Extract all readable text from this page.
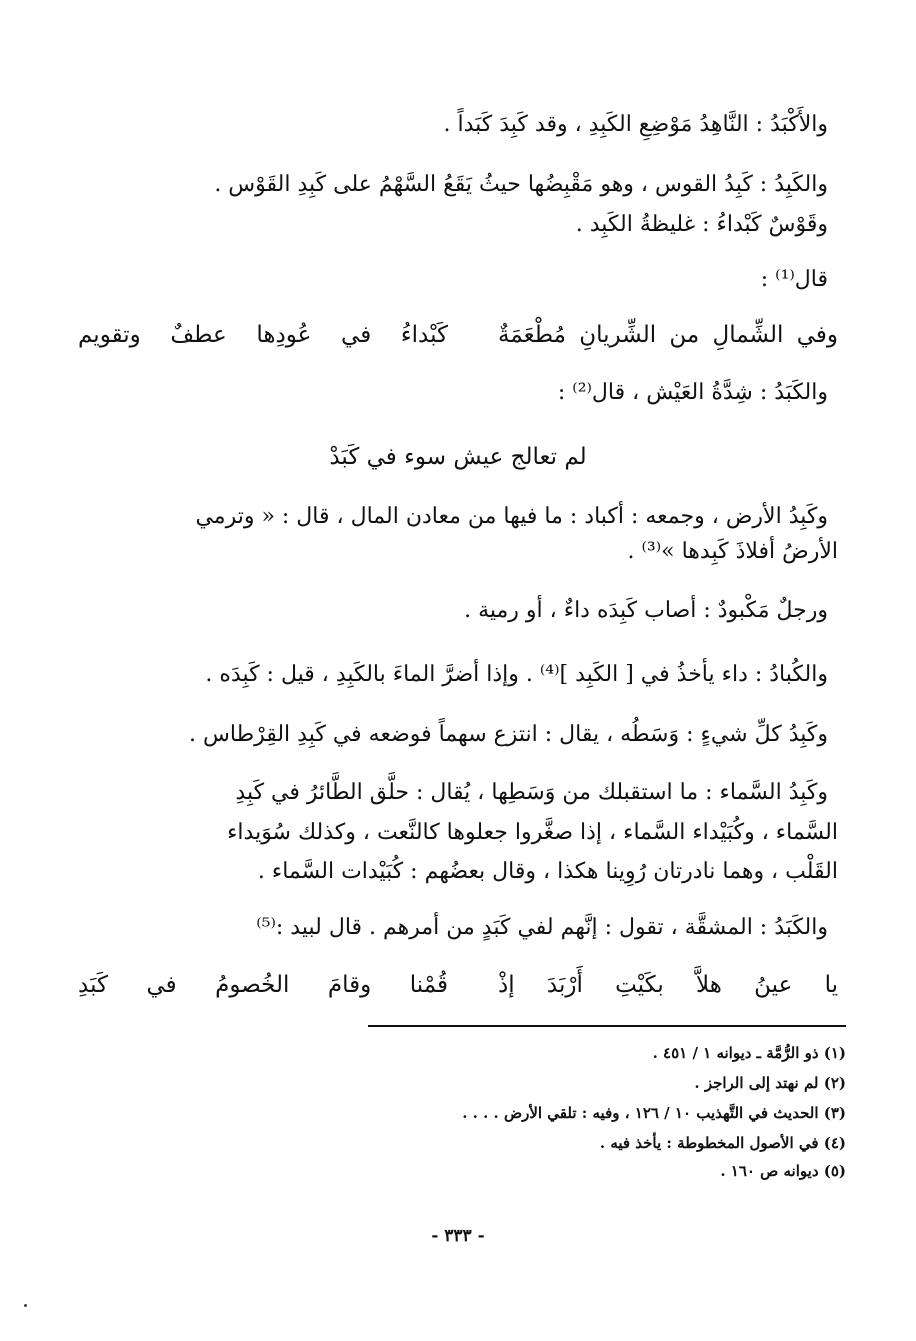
والأَكْبَدُ : النَّاهِدُ مَوْضِعِ الكَبِدِ ، وقد كَبِدَ كَبَداً .
والكَبِدُ : كَبِدُ القوس ، وهو مَقْبِضُها حيثُ يَقَعُ السَّهْمُ على كَبِدِ القَوْس .
وقَوْسٌ كَبْداءُ : غليظةُ الكَبِد .
قال⁽¹⁾ :
وفي الشِّمالِ من الشِّريانِ مُطْعَمَةٌ
كَبْداءُ في عُودِها عطفٌ وتقويم
والكَبَدُ : شِدَّةُ العَيْش ، قال⁽²⁾ :
لم تعالج عيش سوء في كَبَدْ
وكَبِدُ الأرض ، وجمعه : أكباد : ما فيها من معادن المال ، قال : « وترمي
الأرضُ أفلاذَ كَبِدها »⁽³⁾ .
ورجلٌ مَكْبودٌ : أصاب كَبِدَه داءٌ ، أو رمية .
والكُبادُ : داء يأخذُ في [ الكَبِد ]⁽⁴⁾ . وإذا أضرَّ الماءَ بالكَبِدِ ، قيل : كَبِدَه .
وكَبِدُ كلِّ شيءٍ : وَسَطُه ، يقال : انتزع سهماً فوضعه في كَبِدِ القِرْطاس .
وكَبِدُ السَّماء : ما استقبلك من وَسَطِها ، يُقال : حلَّق الطَّائرُ في كَبِدِ
السَّماء ، وكُبَيْداء السَّماء ، إذا صغَّروا جعلوها كالنَّعت ، وكذلك سُوَيداء
القَلْب ، وهما نادرتان رُوِينا هكذا ، وقال بعضُهم : كُبَيْدات السَّماء .
والكَبَدُ : المشقَّة ، تقول : إنَّهم لفي كَبَدٍ من أمرهم . قال لبيد :⁽⁵⁾
يا عينُ هلاَّ بكَيْتِ أَرْبَدَ إذْ
قُمْنا وقامَ الخُصومُ في كَبَدِ
(١) ذو الرُّمَّة ـ ديوانه ١ / ٤٥١ .
(٢) لم نهتد إلى الراجز .
(٣) الحديث في التَّهذيب ١٠ / ١٢٦ ، وفيه : تلقي الأرض . . . .
(٤) في الأصول المخطوطة : يأخذ فيه .
(٥) ديوانه ص ١٦٠ .
- ٣٣٣ -
